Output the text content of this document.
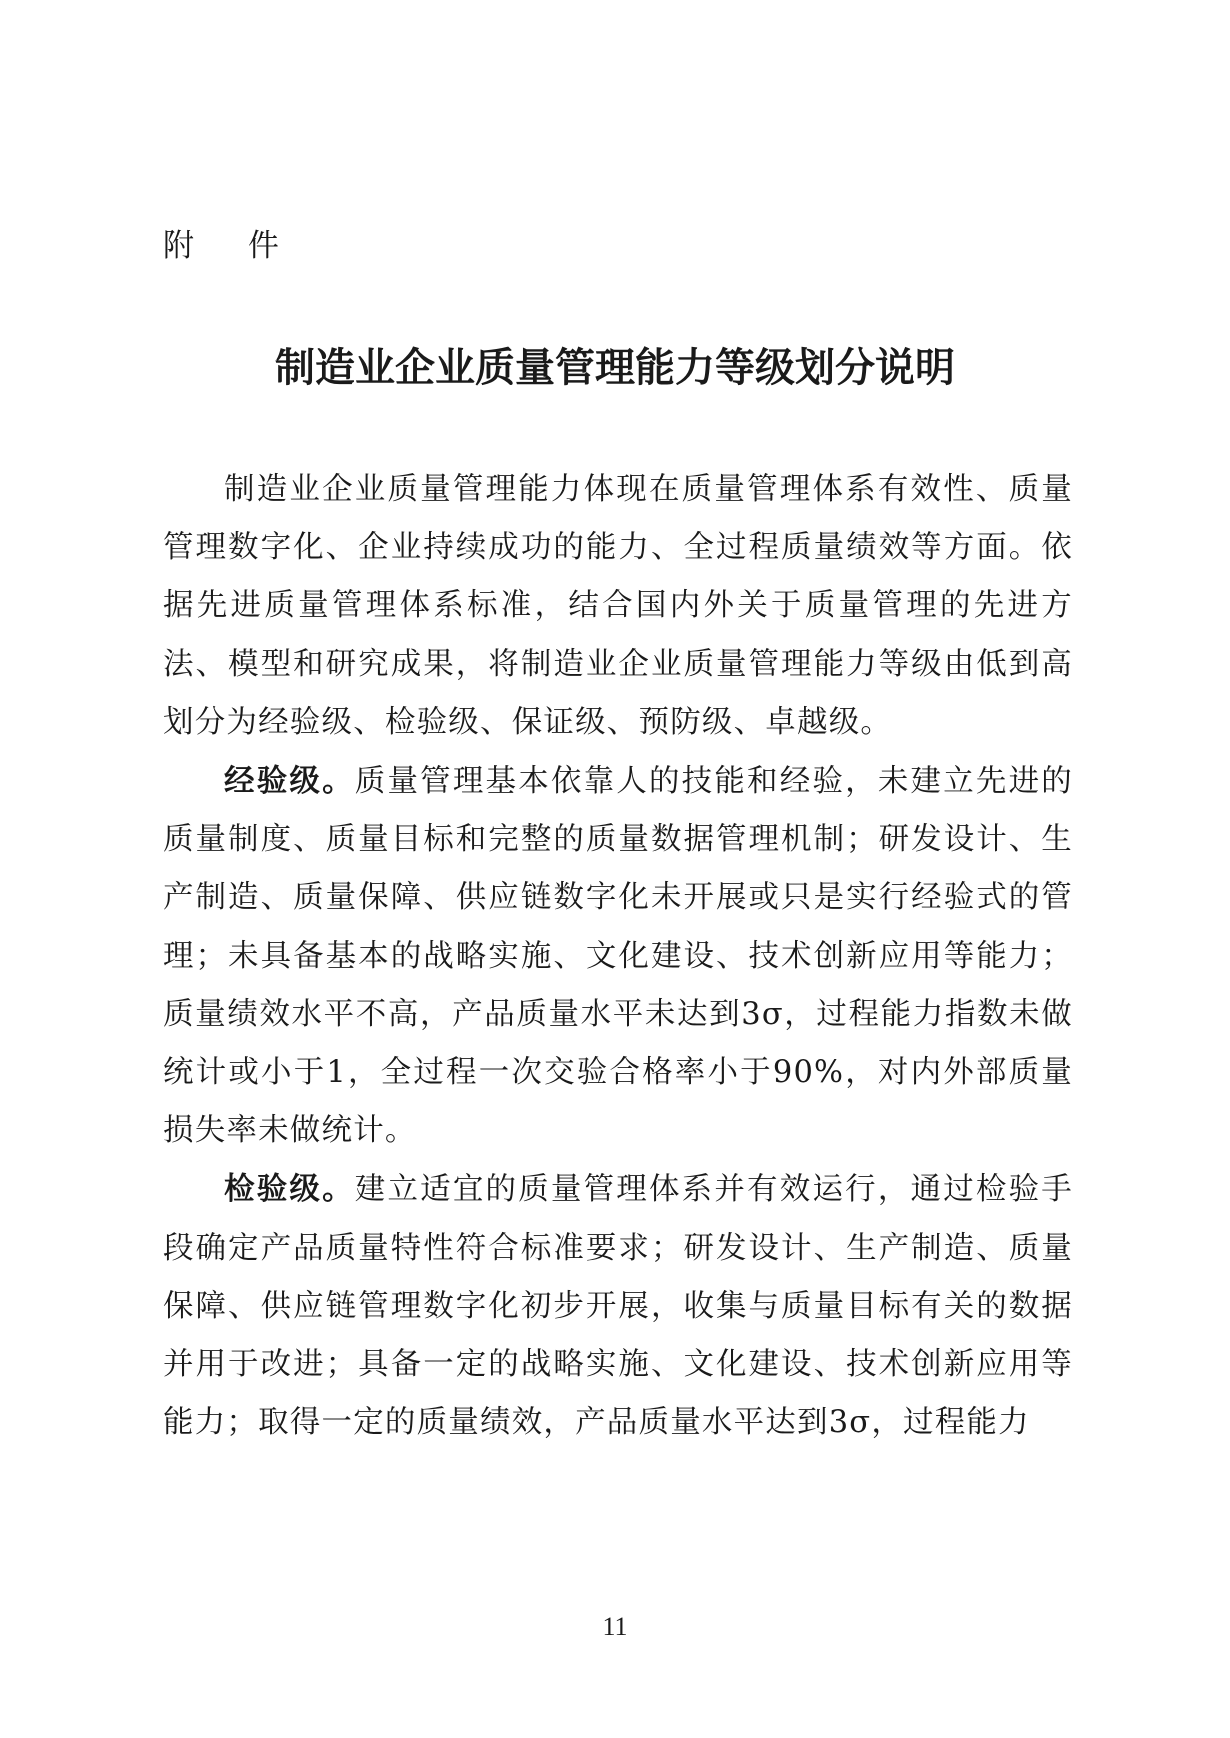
附 件
制造业企业质量管理能力等级划分说明

制造业企业质量管理能力体现在质量管理体系有效性、质量管理数字化、企业持续成功的能力、全过程质量绩效等方面。依据先进质量管理体系标准，结合国内外关于质量管理的先进方法、模型和研究成果，将制造业企业质量管理能力等级由低到高划分为经验级、检验级、保证级、预防级、卓越级。

经验级。质量管理基本依靠人的技能和经验，未建立先进的质量制度、质量目标和完整的质量数据管理机制；研发设计、生产制造、质量保障、供应链数字化未开展或只是实行经验式的管理；未具备基本的战略实施、文化建设、技术创新应用等能力；质量绩效水平不高，产品质量水平未达到3σ，过程能力指数未做统计或小于1，全过程一次交验合格率小于90%，对内外部质量损失率未做统计。

检验级。建立适宜的质量管理体系并有效运行，通过检验手段确定产品质量特性符合标准要求；研发设计、生产制造、质量保障、供应链管理数字化初步开展，收集与质量目标有关的数据并用于改进；具备一定的战略实施、文化建设、技术创新应用等能力；取得一定的质量绩效，产品质量水平达到3σ，过程能力

11
